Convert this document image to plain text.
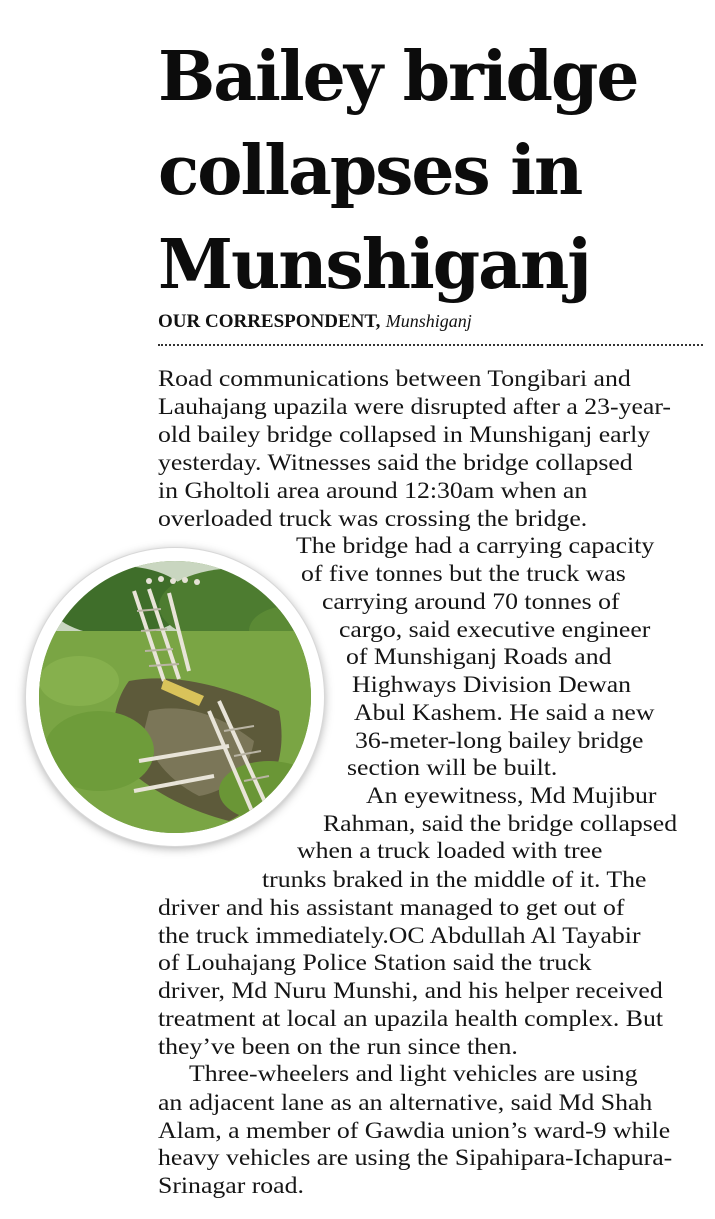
Bailey bridge
collapses in
Munshiganj
OUR CORRESPONDENT, Munshiganj
Road communications between Tongibari and
Lauhajang upazila were disrupted after a 23-year-
old bailey bridge collapsed in Munshiganj early
yesterday. Witnesses said the bridge collapsed
in Gholtoli area around 12:30am when an
overloaded truck was crossing the bridge.
The bridge had a carrying capacity
of five tonnes but the truck was
carrying around 70 tonnes of
cargo, said executive engineer
of Munshiganj Roads and
Highways Division Dewan
Abul Kashem. He said a new
36-meter-long bailey bridge
section will be built.
An eyewitness, Md Mujibur
Rahman, said the bridge collapsed
when a truck loaded with tree
trunks braked in the middle of it. The
driver and his assistant managed to get out of
the truck immediately.OC Abdullah Al Tayabir
of Louhajang Police Station said the truck
driver, Md Nuru Munshi, and his helper received
treatment at local an upazila health complex. But
they’ve been on the run since then.
Three-wheelers and light vehicles are using
an adjacent lane as an alternative, said Md Shah
Alam, a member of Gawdia union’s ward-9 while
heavy vehicles are using the Sipahipara-Ichapura-
Srinagar road.
